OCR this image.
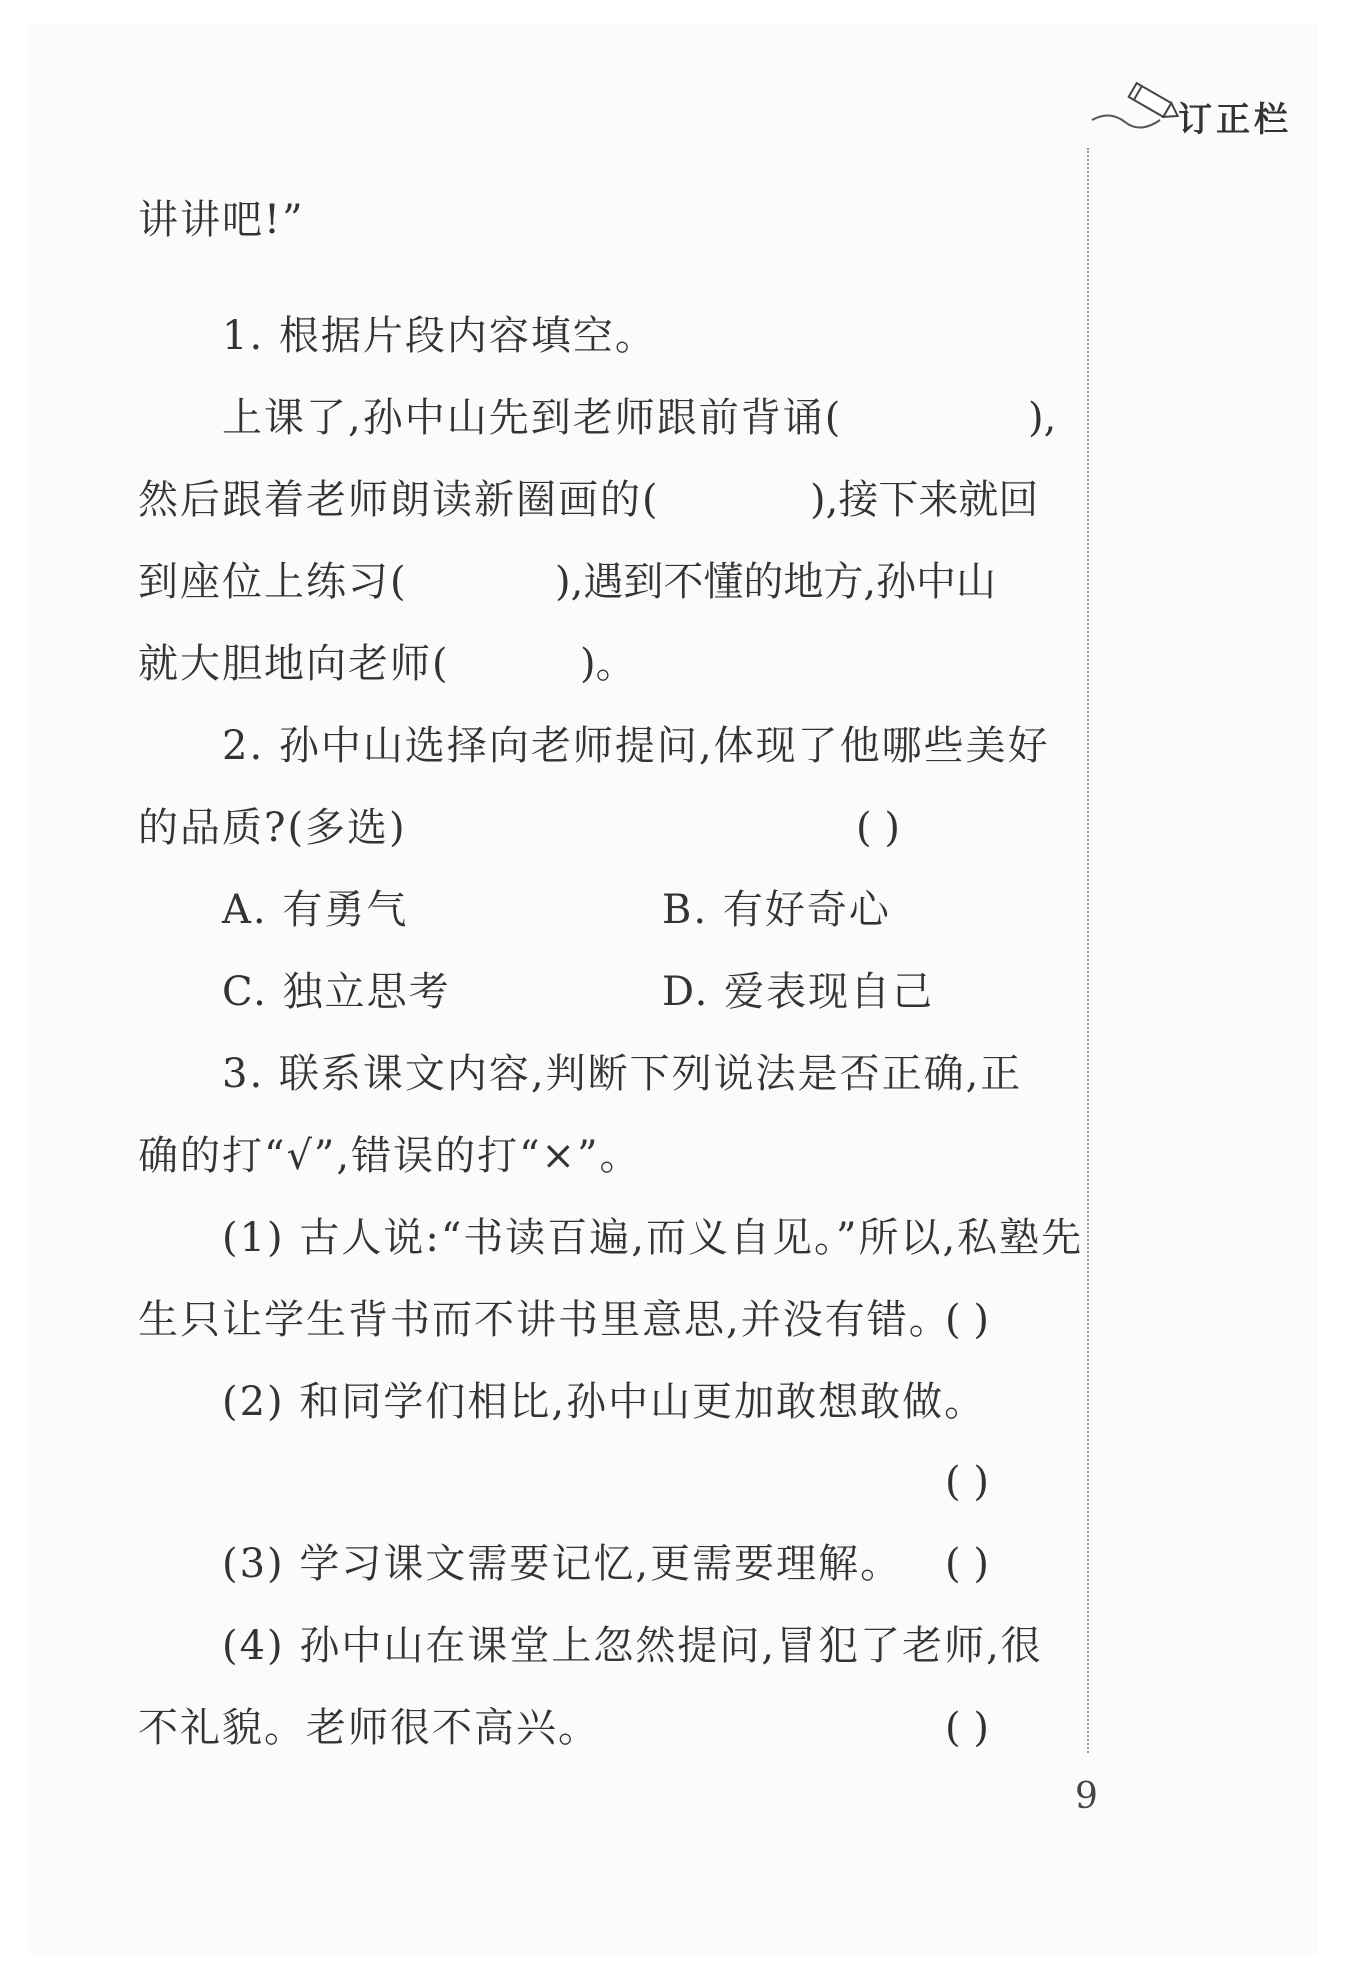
订正栏
讲讲吧!”
1. 根据片段内容填空。
上课了,孙中山先到老师跟前背诵(	),
然后跟着老师朗读新圈画的(	),接下来就回
到座位上练习(	),遇到不懂的地方,孙中山
就大胆地向老师(	)。
2. 孙中山选择向老师提问,体现了他哪些美好
的品质?(多选)	( )
A. 有勇气	B. 有好奇心
C. 独立思考	D. 爱表现自己
3. 联系课文内容,判断下列说法是否正确,正
确的打“√”,错误的打“×”。
(1) 古人说:“书读百遍,而义自见。”所以,私塾先
生只让学生背书而不讲书里意思,并没有错。
( )
(2) 和同学们相比,孙中山更加敢想敢做。
( )
(3) 学习课文需要记忆,更需要理解。 ( )
(4) 孙中山在课堂上忽然提问,冒犯了老师,很
不礼貌。老师很不高兴。	( )
9
